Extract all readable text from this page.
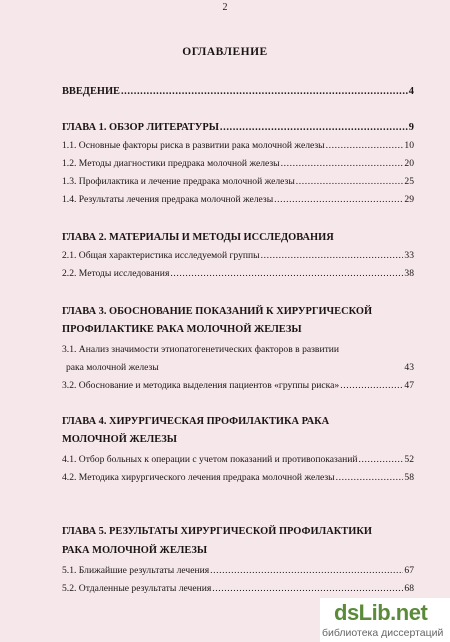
2
ОГЛАВЛЕНИЕ
ВВЕДЕНИЕ .....	4
ГЛАВА 1. ОБЗОР ЛИТЕРАТУРЫ .....	9
1.1. Основные факторы риска в развитии рака молочной железы .....	10
1.2. Методы диагностики предрака молочной железы .....	20
1.3. Профилактика и лечение предрака молочной железы .....	25
1.4. Результаты лечения предрака молочной железы .....	29
ГЛАВА 2. МАТЕРИАЛЫ И МЕТОДЫ ИССЛЕДОВАНИЯ
2.1. Общая характеристика исследуемой группы .....	33
2.2. Методы исследования .....	38
ГЛАВА 3. ОБОСНОВАНИЕ ПОКАЗАНИЙ К ХИРУРГИЧЕСКОЙ
ПРОФИЛАКТИКЕ РАКА МОЛОЧНОЙ ЖЕЛЕЗЫ
3.1. Анализ значимости этиопатогенетических факторов в развитии
рака молочной железы	43
3.2. Обоснование и методика выделения пациентов «группы риска» .....	47
ГЛАВА 4. ХИРУРГИЧЕСКАЯ ПРОФИЛАКТИКА РАКА
МОЛОЧНОЙ ЖЕЛЕЗЫ
4.1. Отбор больных к операции с учетом показаний и противопоказаний .....	52
4.2. Методика хирургического лечения предрака молочной железы .....	58
ГЛАВА 5. РЕЗУЛЬТАТЫ ХИРУРГИЧЕСКОЙ ПРОФИЛАКТИКИ
РАКА МОЛОЧНОЙ ЖЕЛЕЗЫ
5.1. Ближайшие результаты лечения .....	67
5.2. Отдаленные результаты лечения .....	68
dsLib.net
библиотека диссертаций
